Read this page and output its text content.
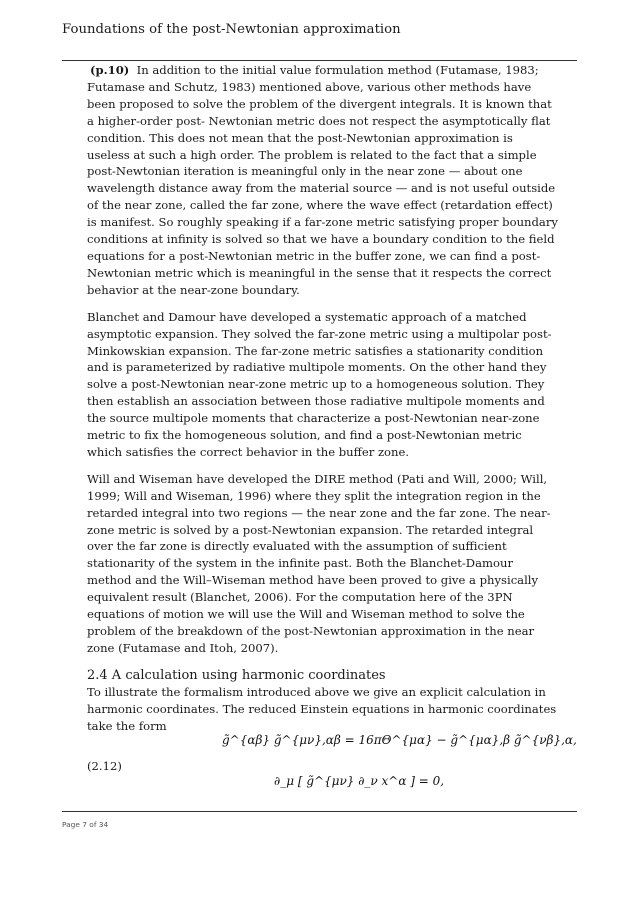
Foundations of the post-Newtonian approximation

(p.10) In addition to the initial value formulation method (Futamase, 1983; Futamase and Schutz, 1983) mentioned above, various other methods have been proposed to solve the problem of the divergent integrals. It is known that a higher-order post- Newtonian metric does not respect the asymptotically flat condition. This does not mean that the post-Newtonian approximation is useless at such a high order. The problem is related to the fact that a simple post-Newtonian iteration is meaningful only in the near zone — about one wavelength distance away from the material source — and is not useful outside of the near zone, called the far zone, where the wave effect (retardation effect) is manifest. So roughly speaking if a far-zone metric satisfying proper boundary conditions at infinity is solved so that we have a boundary condition to the field equations for a post-Newtonian metric in the buffer zone, we can find a post-Newtonian metric which is meaningful in the sense that it respects the correct behavior at the near-zone boundary.

Blanchet and Damour have developed a systematic approach of a matched asymptotic expansion. They solved the far-zone metric using a multipolar post-Minkowskian expansion. The far-zone metric satisfies a stationarity condition and is parameterized by radiative multipole moments. On the other hand they solve a post-Newtonian near-zone metric up to a homogeneous solution. They then establish an association between those radiative multipole moments and the source multipole moments that characterize a post-Newtonian near-zone metric to fix the homogeneous solution, and find a post-Newtonian metric which satisfies the correct behavior in the buffer zone.

Will and Wiseman have developed the DIRE method (Pati and Will, 2000; Will, 1999; Will and Wiseman, 1996) where they split the integration region in the retarded integral into two regions — the near zone and the far zone. The near-zone metric is solved by a post-Newtonian expansion. The retarded integral over the far zone is directly evaluated with the assumption of sufficient stationarity of the system in the infinite past. Both the Blanchet-Damour method and the Will–Wiseman method have been proved to give a physically equivalent result (Blanchet, 2006). For the computation here of the 3PN equations of motion we will use the Will and Wiseman method to solve the problem of the breakdown of the post-Newtonian approximation in the near zone (Futamase and Itoh, 2007).

2.4 A calculation using harmonic coordinates

To illustrate the formalism introduced above we give an explicit calculation in harmonic coordinates. The reduced Einstein equations in harmonic coordinates take the form

g̃^{αβ} g̃^{μν},αβ = 16πΘ^{μα} − g̃^{μα},β g̃^{νβ},α,
(2.12)
∂_μ [ g̃^{μν} ∂_ν x^α ] = 0,
Page 7 of 34
